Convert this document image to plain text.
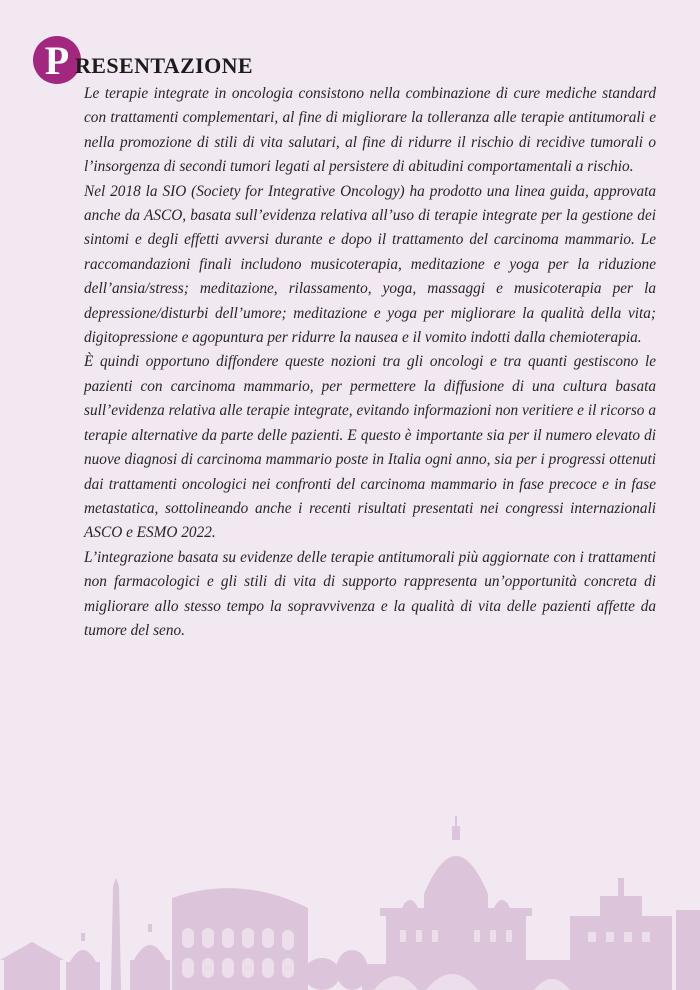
P RESENTAZIONE

Le terapie integrate in oncologia consistono nella combinazione di cure mediche standard con trattamenti complementari, al fine di migliorare la tolleranza alle terapie antitumorali e nella promozione di stili di vita salutari, al fine di ridurre il rischio di recidive tumorali o l’insorgenza di secondi tumori legati al persistere di abitudini comportamentali a rischio.

Nel 2018 la SIO (Society for Integrative Oncology) ha prodotto una linea guida, approvata anche da ASCO, basata sull’evidenza relativa all’uso di terapie integrate per la gestione dei sintomi e degli effetti avversi durante e dopo il trattamento del carcinoma mammario. Le raccomandazioni finali includono musicoterapia, meditazione e yoga per la riduzione dell’ansia/stress; meditazione, rilassamento, yoga, massaggi e musicoterapia per la depressione/disturbi dell’umore; meditazione e yoga per migliorare la qualità della vita; digitopressione e agopuntura per ridurre la nausea e il vomito indotti dalla chemioterapia.

È quindi opportuno diffondere queste nozioni tra gli oncologi e tra quanti gestiscono le pazienti con carcinoma mammario, per permettere la diffusione di una cultura basata sull’evidenza relativa alle terapie integrate, evitando informazioni non veritiere e il ricorso a terapie alternative da parte delle pazienti. E questo è importante sia per il numero elevato di nuove diagnosi di carcinoma mammario poste in Italia ogni anno, sia per i progressi ottenuti dai trattamenti oncologici nei confronti del carcinoma mammario in fase precoce e in fase metastatica, sottolineando anche i recenti risultati presentati nei congressi internazionali ASCO e ESMO 2022.

L’integrazione basata su evidenze delle terapie antitumorali più aggiornate con i trattamenti non farmacologici e gli stili di vita di supporto rappresenta un’opportunità concreta di migliorare allo stesso tempo la sopravvivenza e la qualità di vita delle pazienti affette da tumore del seno.
